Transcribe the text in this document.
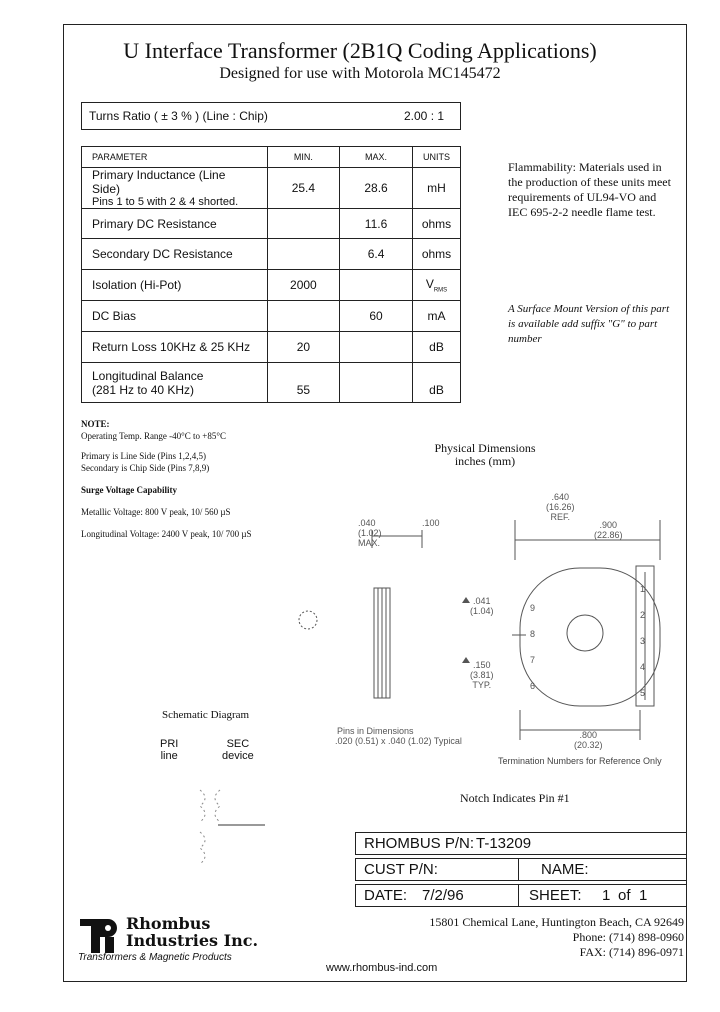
U Interface Transformer (2B1Q Coding Applications)
Designed for use with Motorola MC145472
Turns Ratio ( ± 3 % ) (Line : Chip)	2.00 : 1
PARAMETER	MIN.	MAX.	UNITS

Primary Inductance (Line Side)
Pins 1 to 5 with 2 & 4 shorted.	25.4	28.6	mH
Primary DC Resistance		11.6	ohms
Secondary DC Resistance		6.4	ohms
Isolation (Hi-Pot)	2000		$V_{RMS}$
DC Bias		60	mA
Return Loss 10KHz & 25 KHz	20		dB

Longitudinal Balance
(281 Hz to 40 KHz)	55		dB
Flammability: Materials used in the production of these units meet requirements of UL94-VO and IEC 695-2-2 needle flame test.
A Surface Mount Version of this part is available add suffix "G" to part number
NOTE:
Operating Temp. Range -40°C to +85°C
Primary is Line Side (Pins 1,2,4,5)
Secondary is Chip Side (Pins 7,8,9)
Surge Voltage Capability
Metallic Voltage: 800 V peak, 10/ 560 µS
Longitudinal Voltage: 2400 V peak, 10/ 700 µS
Physical Dimensions
inches (mm)
.040
(1.02)
MAX.
.100
.640
(16.26)
REF.
.900
(22.86)
.041
(1.04)
.150
(3.81)
TYP.
.800
(20.32)
Pins in Dimensions
.020 (0.51) x .040 (1.02) Typical
1
2
3
4
5
9
8
7
6
Termination Numbers for Reference Only
Notch Indicates Pin #1
Schematic Diagram
PRI
line
SEC
device
RHOMBUS P/N: T-13209
CUST P/N:	NAME:
DATE: 7/2/96	SHEET: 1 of 1
Rhombus
Industries Inc.
Transformers & Magnetic Products
15801 Chemical Lane, Huntington Beach, CA 92649
Phone: (714) 898-0960
FAX: (714) 896-0971
www.rhombus-ind.com
